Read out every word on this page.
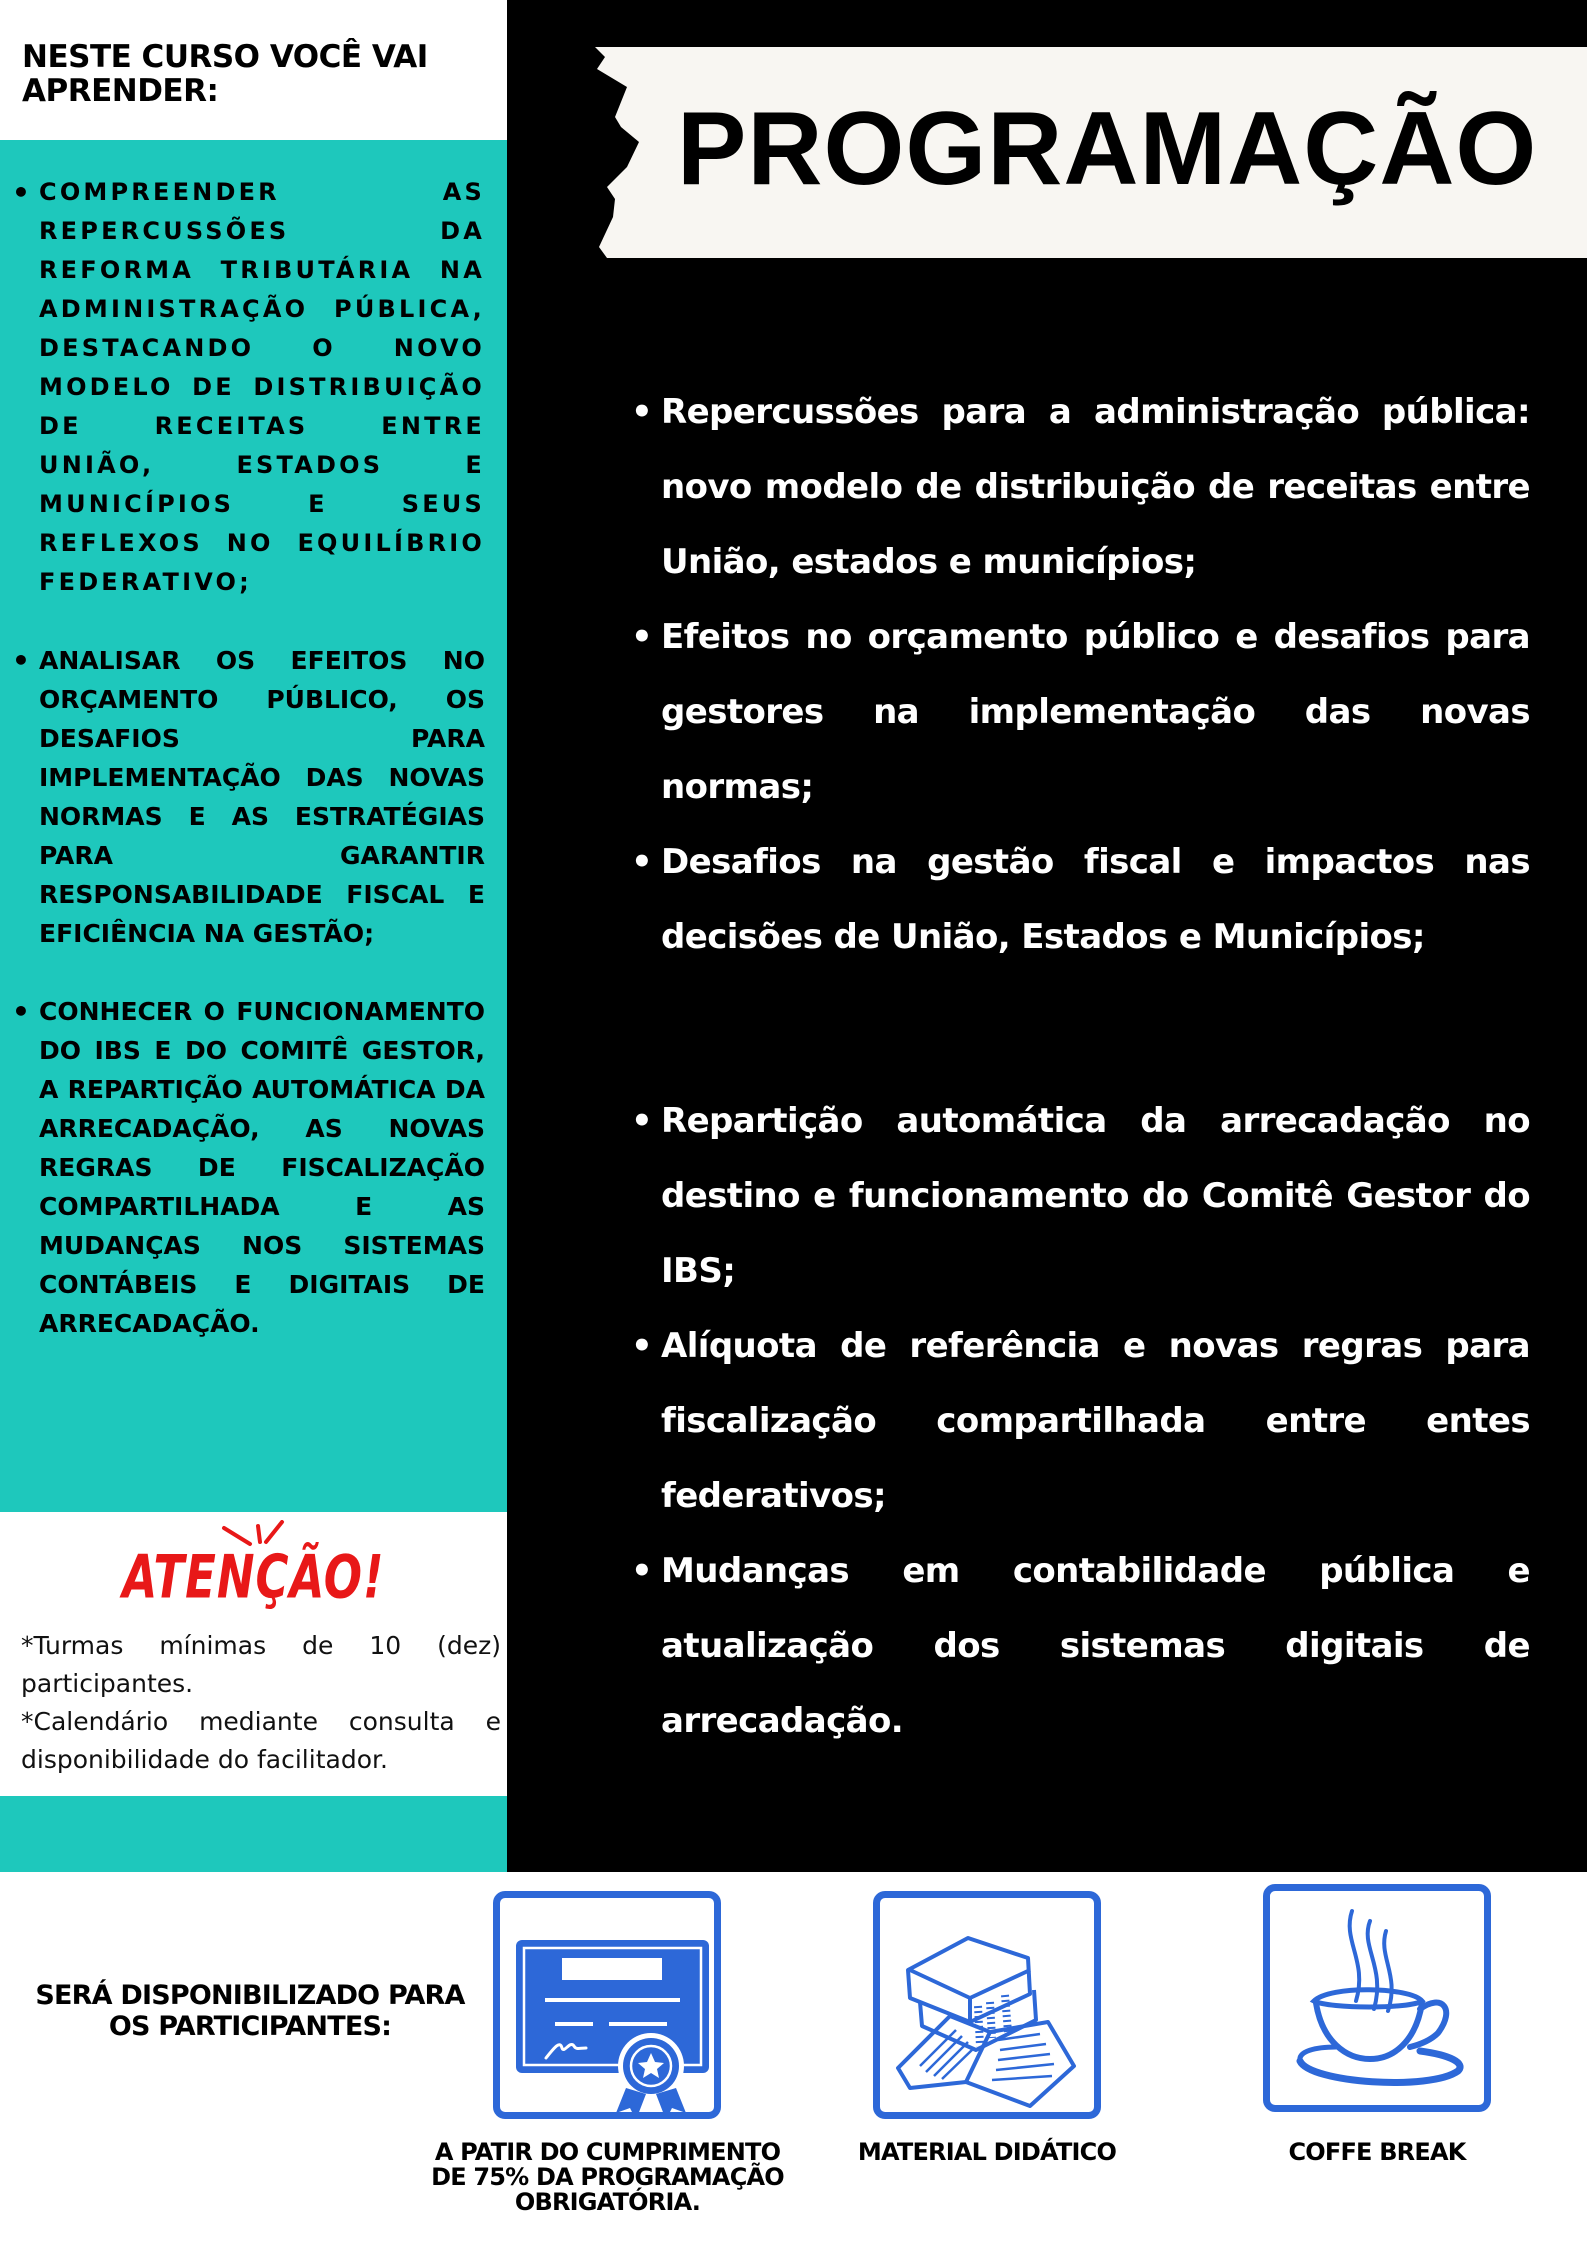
NESTE CURSO VOCÊ VAI APRENDER:
• COMPREENDER AS REPERCUSSÕES DA REFORMA TRIBUTÁRIA NA ADMINISTRAÇÃO PÚBLICA, DESTACANDO O NOVO MODELO DE DISTRIBUIÇÃO DE RECEITAS ENTRE UNIÃO, ESTADOS E MUNICÍPIOS E SEUS REFLEXOS NO EQUILÍBRIO FEDERATIVO;
• ANALISAR OS EFEITOS NO ORÇAMENTO PÚBLICO, OS DESAFIOS PARA IMPLEMENTAÇÃO DAS NOVAS NORMAS E AS ESTRATÉGIAS PARA GARANTIR RESPONSABILIDADE FISCAL E EFICIÊNCIA NA GESTÃO;
• CONHECER O FUNCIONAMENTO DO IBS E DO COMITÊ GESTOR, A REPARTIÇÃO AUTOMÁTICA DA ARRECADAÇÃO, AS NOVAS REGRAS DE FISCALIZAÇÃO COMPARTILHADA E AS MUDANÇAS NOS SISTEMAS CONTÁBEIS E DIGITAIS DE ARRECADAÇÃO.
ATENÇÃO!

*Turmas mínimas de 10 (dez) participantes.

*Calendário mediante consulta e disponibilidade do facilitador.

PROGRAMAÇÃO
• Repercussões para a administração pública: novo modelo de distribuição de receitas entre União, estados e municípios;
• Efeitos no orçamento público e desafios para gestores na implementação das novas normas;
• Desafios na gestão fiscal e impactos nas decisões de União, Estados e Municípios;
• Repartição automática da arrecadação no destino e funcionamento do Comitê Gestor do IBS;
• Alíquota de referência e novas regras para fiscalização compartilhada entre entes federativos;
• Mudanças em contabilidade pública e atualização dos sistemas digitais de arrecadação.
SERÁ DISPONIBILIZADO PARA OS PARTICIPANTES:
A PATIR DO CUMPRIMENTO DE 75% DA PROGRAMAÇÃO OBRIGATÓRIA.
MATERIAL DIDÁTICO	COFFE BREAK
